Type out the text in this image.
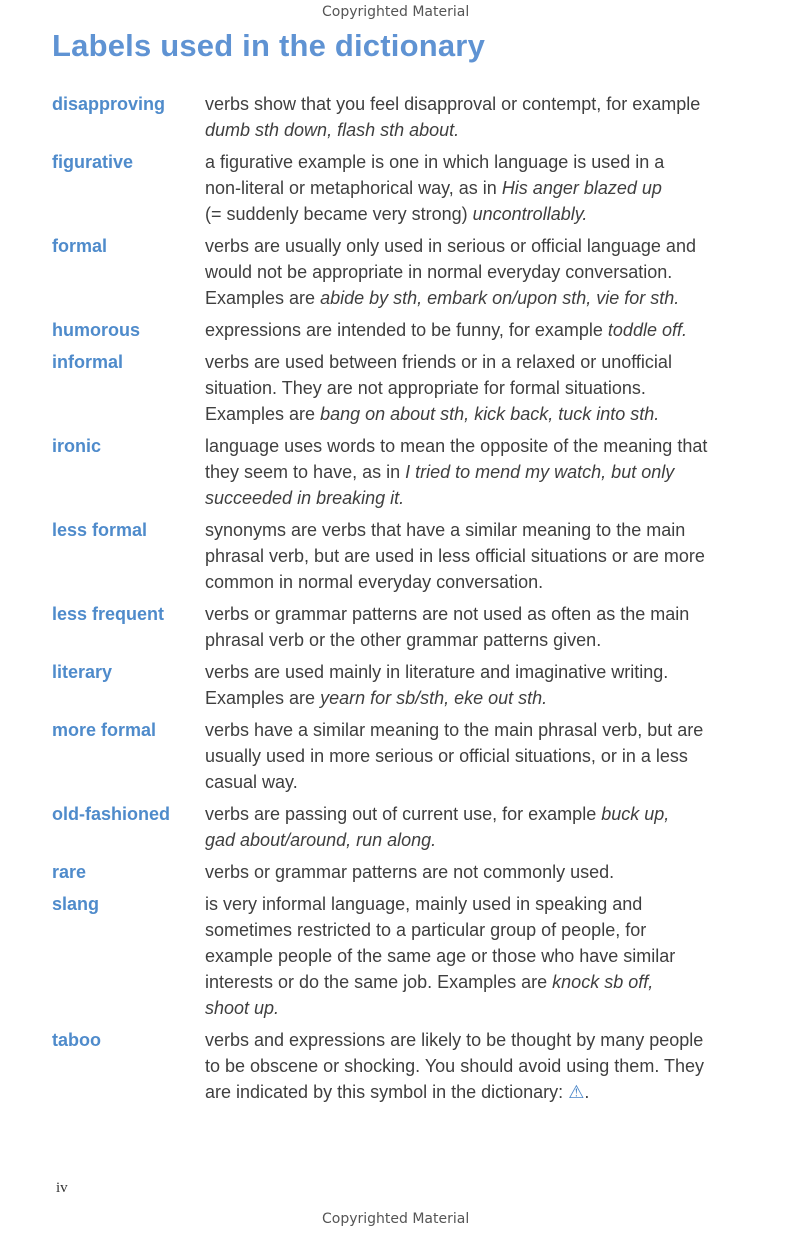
Copyrighted Material
Labels used in the dictionary
disapproving	verbs show that you feel disapproval or contempt, for example
dumb sth down, flash sth about.
figurative	a figurative example is one in which language is used in a
non-literal or metaphorical way, as in His anger blazed up
(= suddenly became very strong) uncontrollably.
formal	verbs are usually only used in serious or official language and
would not be appropriate in normal everyday conversation.
Examples are abide by sth, embark on/upon sth, vie for sth.
humorous	expressions are intended to be funny, for example toddle off.
informal	verbs are used between friends or in a relaxed or unofficial
situation. They are not appropriate for formal situations.
Examples are bang on about sth, kick back, tuck into sth.
ironic	language uses words to mean the opposite of the meaning that
they seem to have, as in I tried to mend my watch, but only
succeeded in breaking it.
less formal	synonyms are verbs that have a similar meaning to the main
phrasal verb, but are used in less official situations or are more
common in normal everyday conversation.
less frequent	verbs or grammar patterns are not used as often as the main
phrasal verb or the other grammar patterns given.
literary	verbs are used mainly in literature and imaginative writing.
Examples are yearn for sb/sth, eke out sth.
more formal	verbs have a similar meaning to the main phrasal verb, but are
usually used in more serious or official situations, or in a less
casual way.
old-fashioned	verbs are passing out of current use, for example buck up,
gad about/around, run along.
rare	verbs or grammar patterns are not commonly used.
slang	is very informal language, mainly used in speaking and
sometimes restricted to a particular group of people, for
example people of the same age or those who have similar
interests or do the same job. Examples are knock sb off,
shoot up.
taboo	verbs and expressions are likely to be thought by many people
to be obscene or shocking. You should avoid using them. They
are indicated by this symbol in the dictionary: ⚠.
iv
Copyrighted Material
